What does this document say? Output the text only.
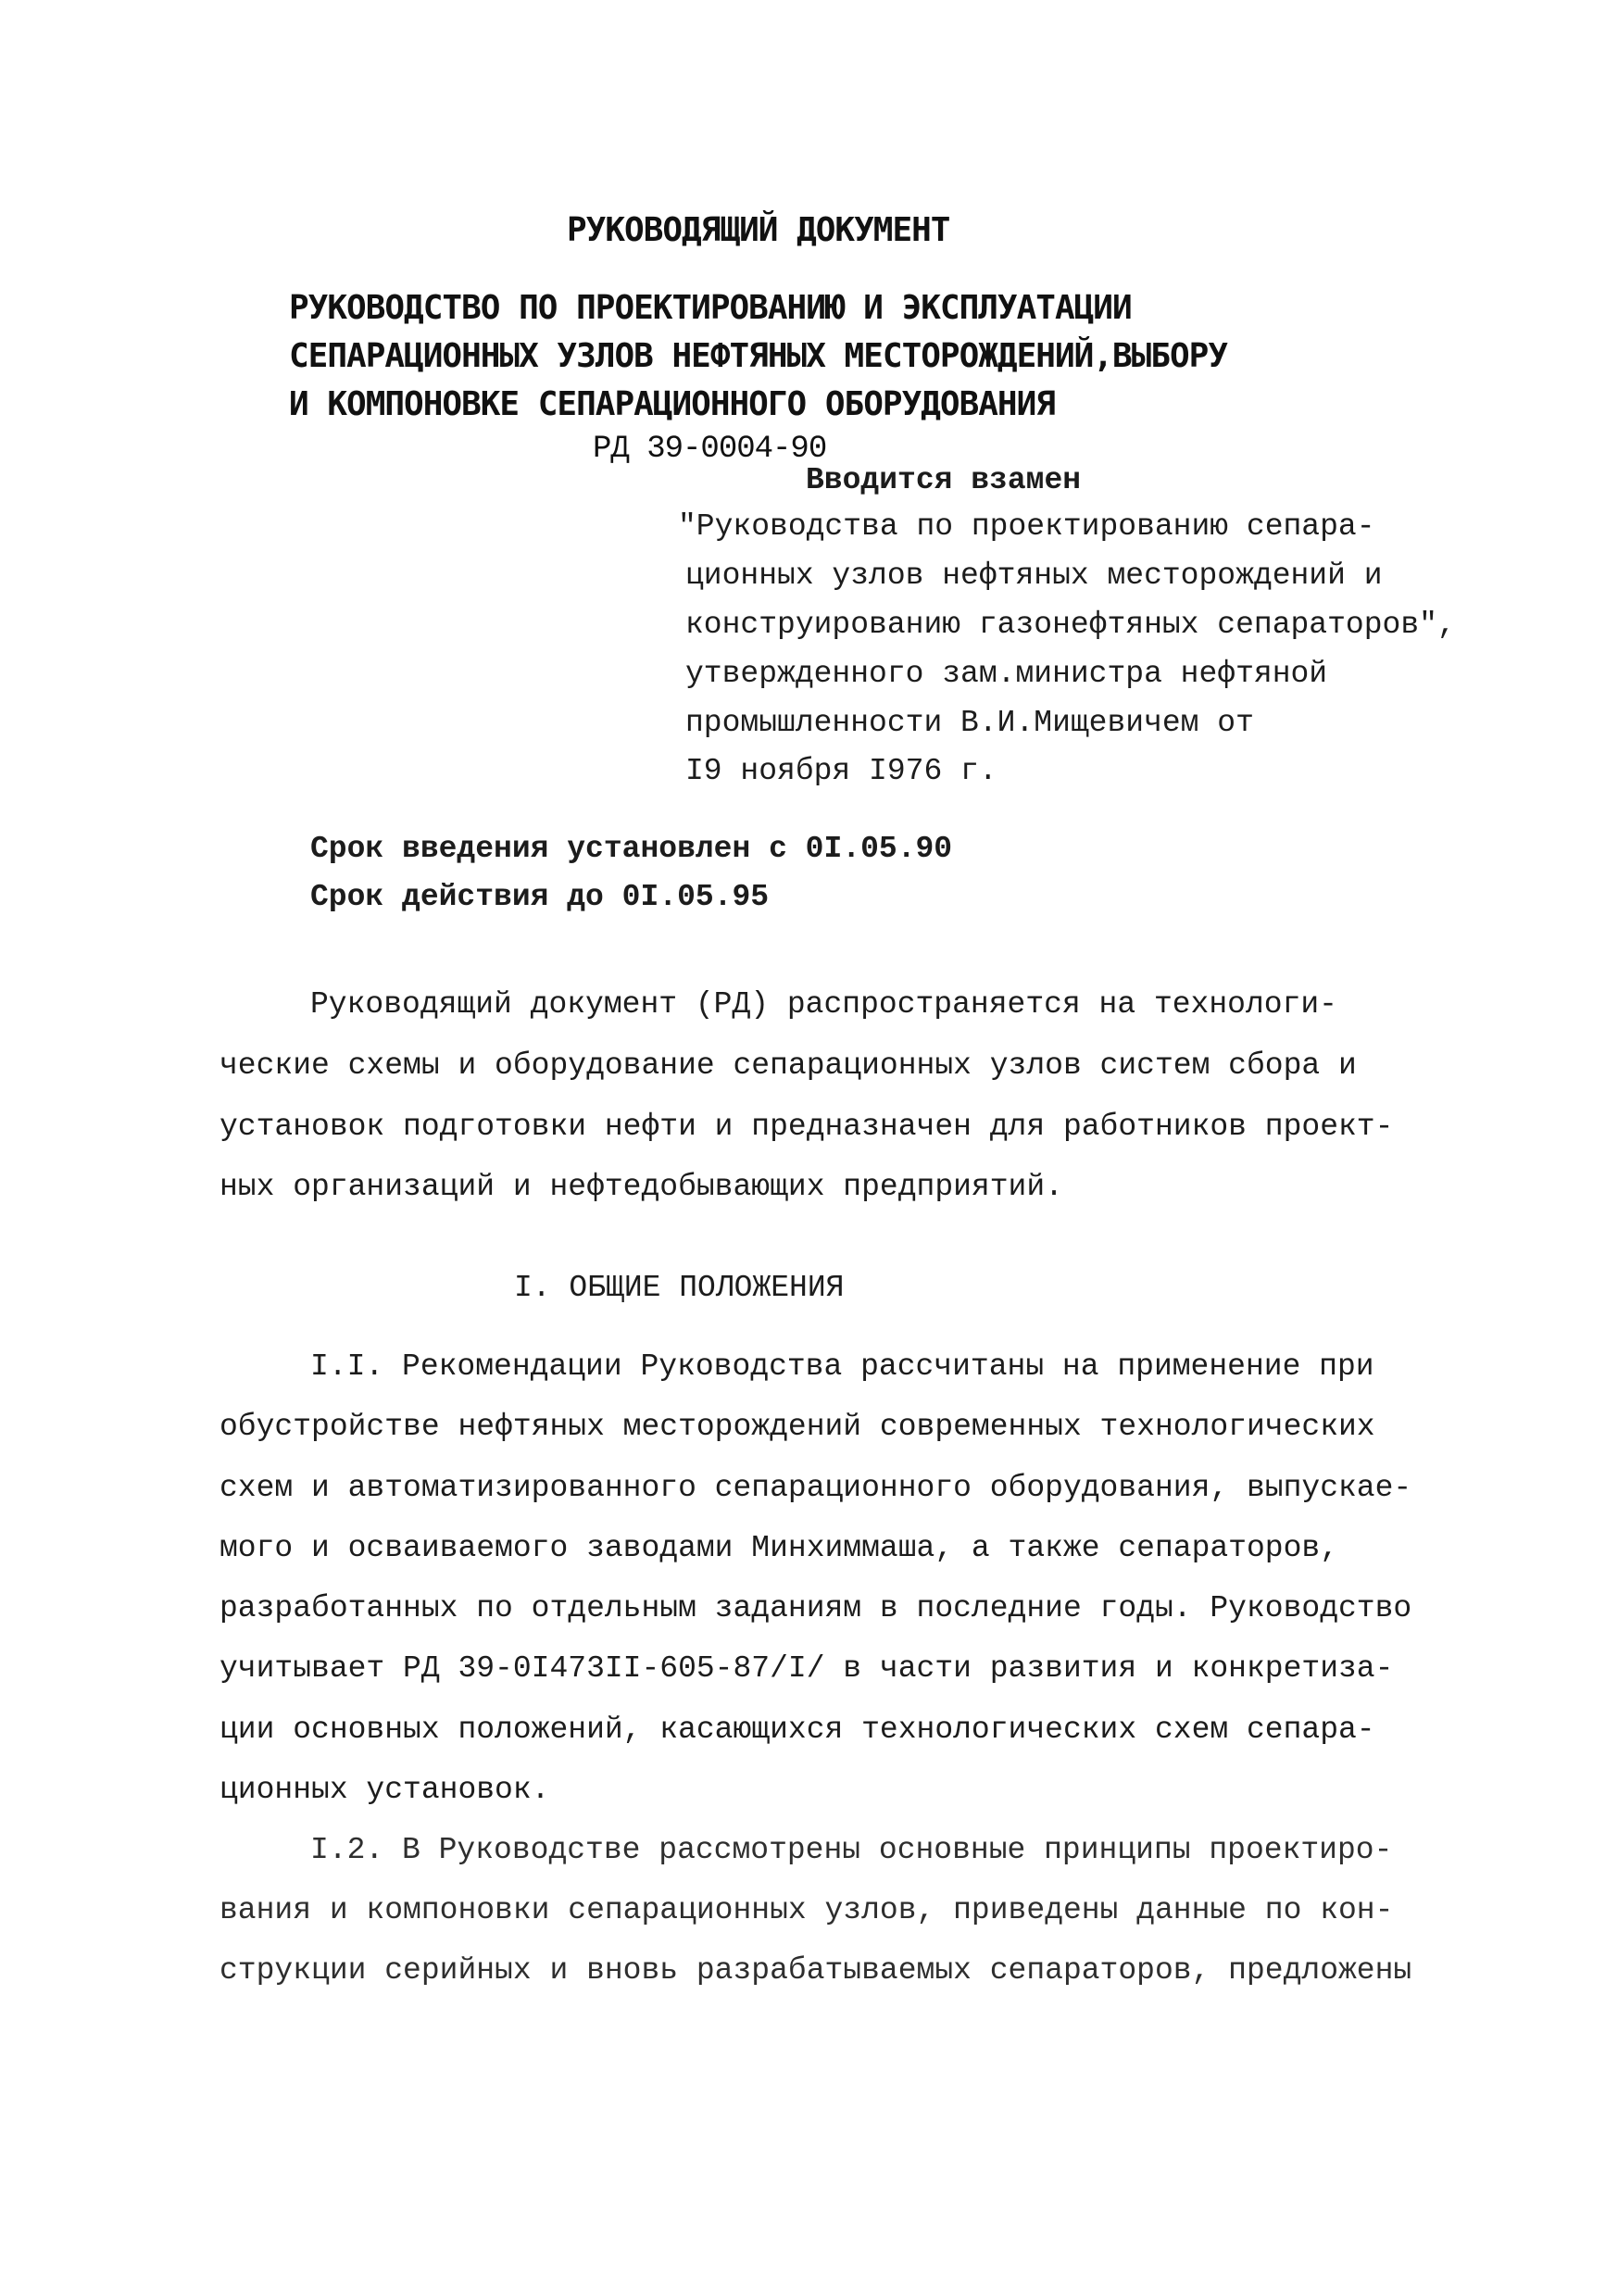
РУКОВОДЯЩИЙ ДОКУМЕНТ
РУКОВОДСТВО ПО ПРОЕКТИРОВАНИЮ И ЭКСПЛУАТАЦИИ
СЕПАРАЦИОННЫХ УЗЛОВ НЕФТЯНЫХ МЕСТОРОЖДЕНИЙ,ВЫБОРУ
И КОМПОНОВКЕ СЕПАРАЦИОННОГО ОБОРУДОВАНИЯ
РД 39-0004-90
Вводится взамен
"Руководства по проектированию сепара-
ционных узлов нефтяных месторождений и
конструированию газонефтяных сепараторов",
утвержденного зам.министра нефтяной
промышленности В.И.Мищевичем от
I9 ноября I976 г.
Срок введения установлен с 0I.05.90
Срок действия до 0I.05.95
Руководящий документ (РД) распространяется на технологи-
ческие схемы и оборудование сепарационных узлов систем сбора и
установок подготовки нефти и предназначен для работников проект-
ных организаций и нефтедобывающих предприятий.
I. ОБЩИЕ ПОЛОЖЕНИЯ
I.I. Рекомендации Руководства рассчитаны на применение при
обустройстве нефтяных месторождений современных технологических
схем и автоматизированного сепарационного оборудования, выпускае-
мого и осваиваемого заводами Минхиммаша, а также сепараторов,
разработанных по отдельным заданиям в последние годы. Руководство
учитывает РД 39-0I473II-605-87/I/ в части развития и конкретиза-
ции основных положений, касающихся технологических схем сепара-
ционных установок.
I.2. В Руководстве рассмотрены основные принципы проектиро-
вания и компоновки сепарационных узлов, приведены данные по кон-
струкции серийных и вновь разрабатываемых сепараторов, предложены
